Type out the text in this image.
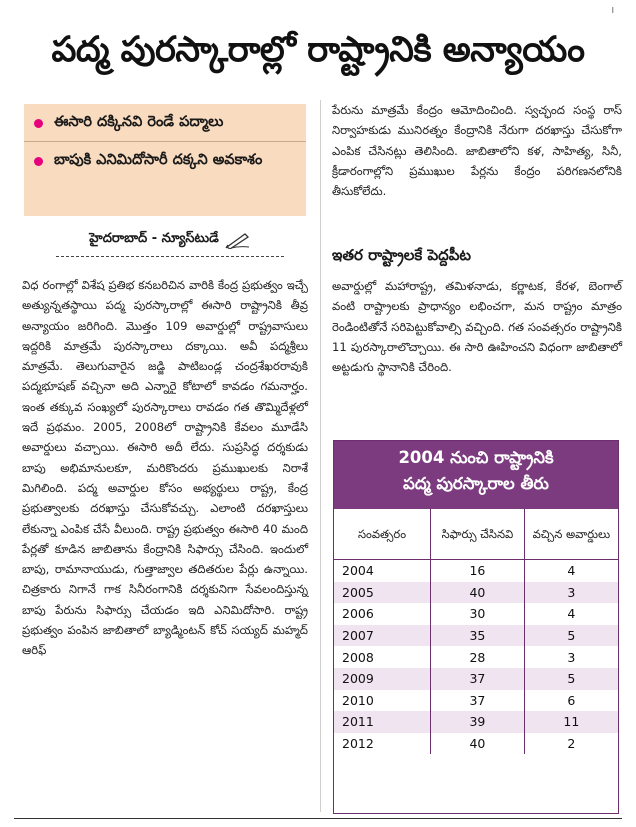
I
పద్మ పురస్కారాల్లో రాష్ట్రానికి అన్యాయం
ఈసారి దక్కినవి రెండే పద్మాలు
బాపుకి ఎనిమిదోసారీ దక్కని అవకాశం
హైదరాబాద్ - న్యూస్‌టుడే
విధ రంగాల్లో విశేష ప్రతిభ కనబరిచిన వారికి కేంద్ర ప్రభుత్వం ఇచ్చే అత్యున్నతస్థాయి పద్మ పురస్కారాల్లో ఈసారి రాష్ట్రానికి తీవ్ర అన్యాయం జరిగింది. మొత్తం 109 అవార్డుల్లో రాష్ట్రవాసులు ఇద్దరికి మాత్రమే పురస్కారాలు దక్కాయి. అవీ పద్మశ్రీలు మాత్రమే. తెలుగువారైన జడ్జి పాటిబండ్ల చంద్రశేఖరరావుకి పద్మభూషణ్ వచ్చినా అది ఎన్నారై కోటాలో కావడం గమనార్హం. ఇంత తక్కువ సంఖ్యలో పురస్కారాలు రావడం గత తొమ్మిదేళ్లలో ఇదే ప్రథమం. 2005, 2008లో రాష్ట్రానికి కేవలం మూడేసి అవార్డులు వచ్చాయి. ఈసారి అదీ లేదు. సుప్రసిద్ధ దర్శకుడు బాపు అభిమానులకూ, మరికొందరు ప్రముఖులకు నిరాశే మిగిలింది. పద్మ అవార్డుల కోసం అభ్యర్థులు రాష్ట్ర, కేంద్ర ప్రభుత్వాలకు దరఖాస్తు చేసుకోవచ్చు. ఎలాంటి దరఖాస్తులు లేకున్నా ఎంపిక చేసే వీలుంది. రాష్ట్ర ప్రభుత్వం ఈసారి 40 మంది పేర్లతో కూడిన జాబితాను కేంద్రానికి సిఫార్సు చేసింది. ఇందులో బాపు, రామానాయుడు, గుత్తాజ్వాల తదితరుల పేర్లు ఉన్నాయి. చిత్రకారు నిగానే గాక సినీరంగానికి దర్శకునిగా సేవలందిస్తున్న బాపు పేరును సిఫార్సు చేయడం ఇది ఎనిమిదోసారి. రాష్ట్ర ప్రభుత్వం పంపిన జాబితాలో బ్యాడ్మింటన్ కోచ్ సయ్యద్ మహ్మద్ ఆరిఫ్
పేరును మాత్రమే కేంద్రం ఆమోదించింది. స్వచ్ఛంద సంస్థ రాస్ నిర్వాహకుడు మునిరత్నం కేంద్రానికి నేరుగా దరఖాస్తు చేసుకోగా ఎంపిక చేసినట్లు తెలిసింది. జాబితాలోని కళ, సాహిత్య, సినీ, క్రీడారంగాల్లోని ప్రముఖుల పేర్లను కేంద్రం పరిగణనలోనికి తీసుకోలేదు.
ఇతర రాష్ట్రాలకే పెద్దపీట
అవార్డుల్లో మహారాష్ట్ర, తమిళనాడు, కర్ణాటక, కేరళ, బెంగాల్ వంటి రాష్ట్రాలకు ప్రాధాన్యం లభించగా, మన రాష్ట్రం మాత్రం రెండింటితోనే సరిపెట్టుకోవాల్సి వచ్చింది. గత సంవత్సరం రాష్ట్రానికి 11 పురస్కారాలొచ్చాయి. ఈ సారి ఊహించని విధంగా జాబితాలో అట్టడుగు స్థానానికి చేరింది.
2004 నుంచి రాష్ట్రానికి
పద్మ పురస్కారాల తీరు
సంవత్సరం	సిఫార్సు చేసినవి	వచ్చిన అవార్డులు
2004	16	4
2005	40	3
2006	30	4
2007	35	5
2008	28	3
2009	37	5
2010	37	6
2011	39	11
2012	40	2
